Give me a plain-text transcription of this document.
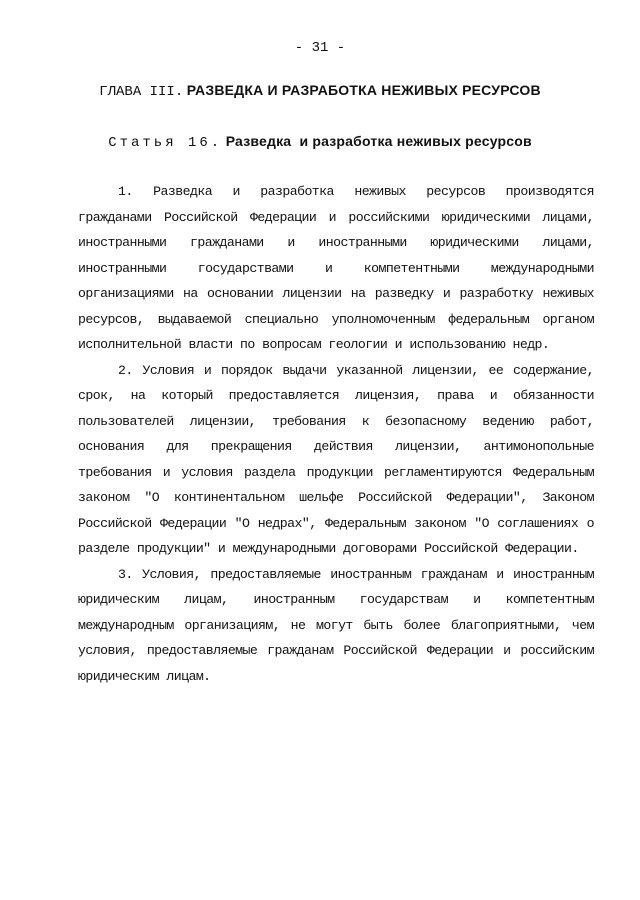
- 31 -
ГЛАВА III. РАЗВЕДКА И РАЗРАБОТКА НЕЖИВЫХ РЕСУРСОВ
Статья 16. Разведка  и разработка неживых ресурсов

1. Разведка и разработка неживых ресурсов производятся гражданами Российской Федерации и российскими юридическими лицами, иностранными гражданами и иностранными юридическими лицами, иностранными государствами и компетентными международными организациями на основании лицензии на разведку и разработку неживых ресурсов, выдаваемой специально уполномоченным федеральным органом исполнительной власти по вопросам геологии и использованию недр.

2. Условия и порядок выдачи указанной лицензии, ее содержание, срок, на который предоставляется лицензия, права и обязанности пользователей лицензии, требования к безопасному ведению работ, основания для прекращения действия лицензии, антимонопольные требования и условия раздела продукции регламентируются Федеральным законом "О континентальном шельфе Российской Федерации", Законом Российской Федерации "О недрах", Федеральным законом "О соглашениях о разделе продукции" и международными договорами Российской Федерации.

3. Условия, предоставляемые иностранным гражданам и иностранным юридическим лицам, иностранным государствам и компетентным международным организациям, не могут быть более благоприятными, чем условия, предоставляемые гражданам Российской Федерации и российским юридическим лицам.
